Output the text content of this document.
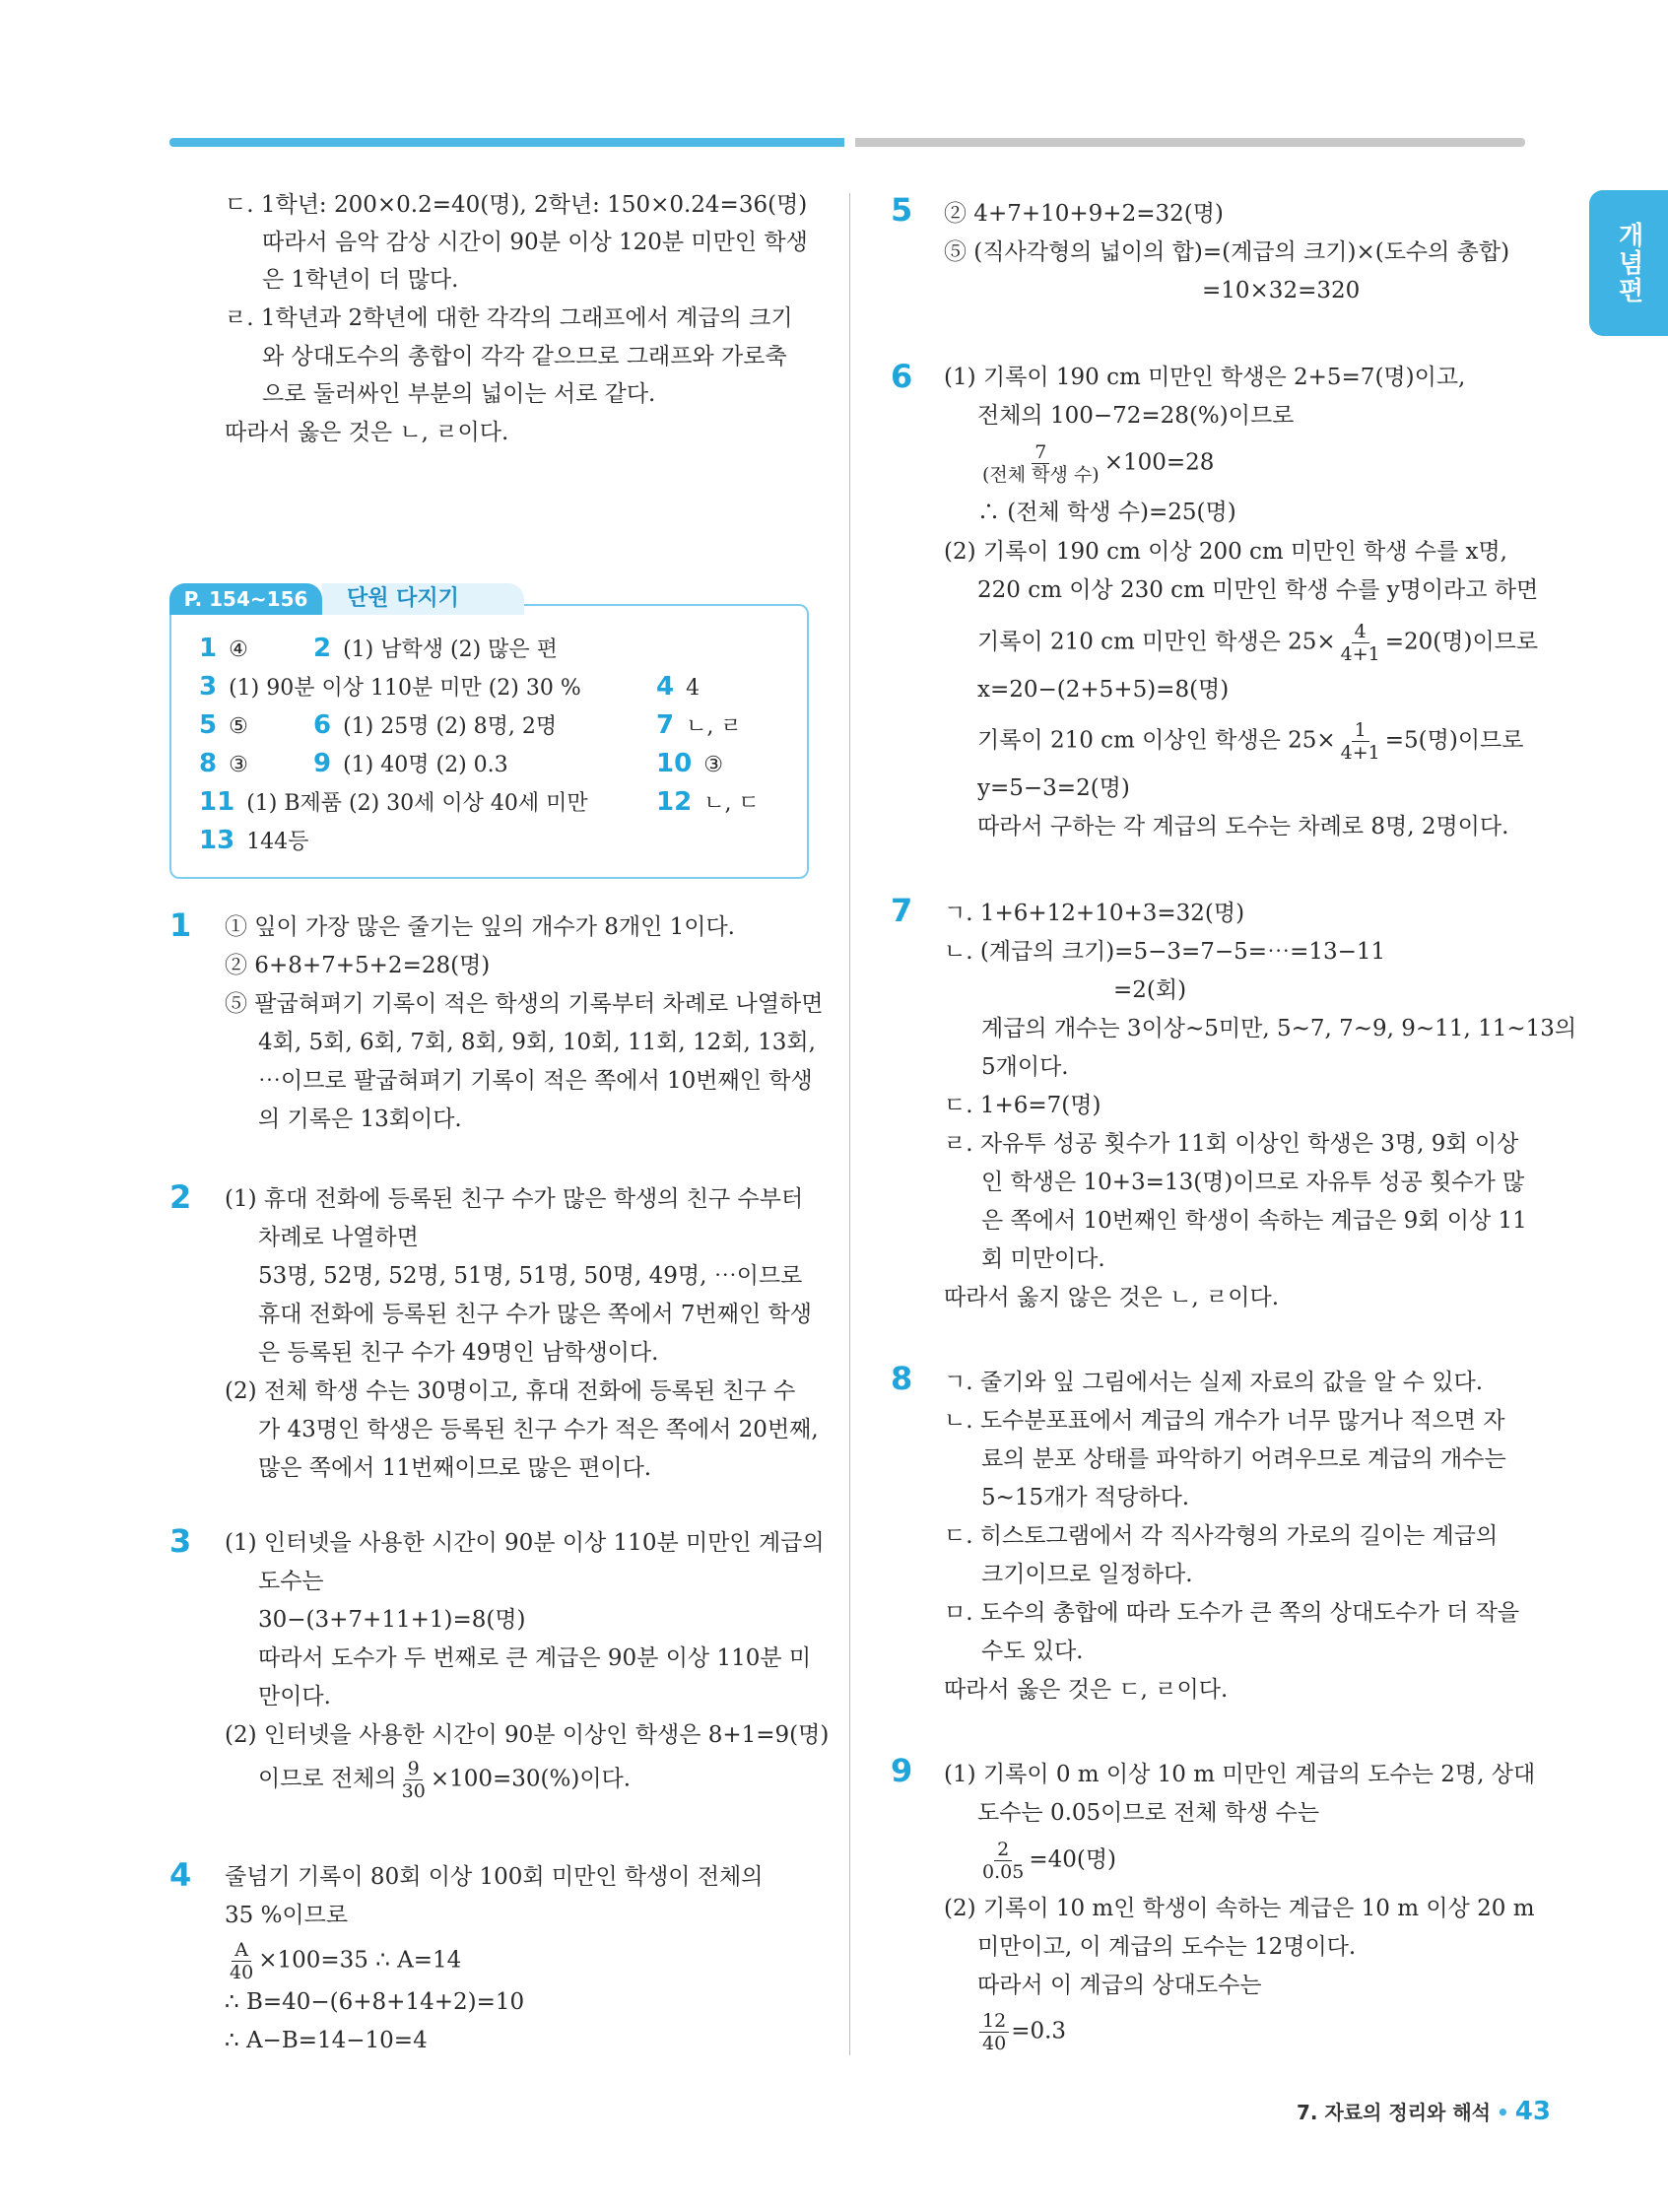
개념편
ㄷ. 1학년: 200×0.2=40(명), 2학년: 150×0.24=36(명)
따라서 음악 감상 시간이 90분 이상 120분 미만인 학생
은 1학년이 더 많다.
ㄹ. 1학년과 2학년에 대한 각각의 그래프에서 계급의 크기
와 상대도수의 총합이 각각 같으므로 그래프와 가로축
으로 둘러싸인 부분의 넓이는 서로 같다.
따라서 옳은 것은 ㄴ, ㄹ이다.
P. 154~156	단원 다지기
1 ④	2 (1) 남학생 (2) 많은 편
3 (1) 90분 이상 110분 미만 (2) 30 %	4 4
5 ⑤	6 (1) 25명 (2) 8명, 2명	7 ㄴ, ㄹ
8 ③	9 (1) 40명 (2) 0.3	10 ③
11 (1) B제품 (2) 30세 이상 40세 미만	12 ㄴ, ㄷ
13 144등
1 ① 잎이 가장 많은 줄기는 잎의 개수가 8개인 1이다.
② 6+8+7+5+2=28(명)
⑤ 팔굽혀펴기 기록이 적은 학생의 기록부터 차례로 나열하면
4회, 5회, 6회, 7회, 8회, 9회, 10회, 11회, 12회, 13회,
⋯이므로 팔굽혀펴기 기록이 적은 쪽에서 10번째인 학생
의 기록은 13회이다.
2 (1) 휴대 전화에 등록된 친구 수가 많은 학생의 친구 수부터
차례로 나열하면
53명, 52명, 52명, 51명, 51명, 50명, 49명, ⋯이므로
휴대 전화에 등록된 친구 수가 많은 쪽에서 7번째인 학생
은 등록된 친구 수가 49명인 남학생이다.
(2) 전체 학생 수는 30명이고, 휴대 전화에 등록된 친구 수
가 43명인 학생은 등록된 친구 수가 적은 쪽에서 20번째,
많은 쪽에서 11번째이므로 많은 편이다.
3 (1) 인터넷을 사용한 시간이 90분 이상 110분 미만인 계급의
도수는
30−(3+7+11+1)=8(명)
따라서 도수가 두 번째로 큰 계급은 90분 이상 110분 미
만이다.
(2) 인터넷을 사용한 시간이 90분 이상인 학생은 8+1=9(명)
이므로 전체의 $\frac{9}{30} \times 100=30(\%)$이다.
4 줄넘기 기록이 80회 이상 100회 미만인 학생이 전체의
35 %이므로
$\frac{A}{40} \times 100=35$ ∴ A=14
∴ B=40−(6+8+14+2)=10
∴ A−B=14−10=4
5 ② 4+7+10+9+2=32(명)
⑤ (직사각형의 넓이의 합)=(계급의 크기)×(도수의 총합)
=10×32=320
6 (1) 기록이 190 cm 미만인 학생은 2+5=7(명)이고,
전체의 100−72=28(%)이므로
$\frac{7}{\text{(전체 학생 수)}} \times 100=28$
∴ (전체 학생 수)=25(명)
(2) 기록이 190 cm 이상 200 cm 미만인 학생 수를 x명,
220 cm 이상 230 cm 미만인 학생 수를 y명이라고 하면
기록이 210 cm 미만인 학생은 $25\times \frac{4}{4+1} =20$(명)이므로
x=20−(2+5+5)=8(명)
기록이 210 cm 이상인 학생은 $25\times \frac{1}{4+1} =5$(명)이므로
y=5−3=2(명)
따라서 구하는 각 계급의 도수는 차례로 8명, 2명이다.
7 ㄱ. 1+6+12+10+3=32(명)
ㄴ. (계급의 크기)=5−3=7−5=⋯=13−11
=2(회)
계급의 개수는 3이상~5미만, 5~7, 7~9, 9~11, 11~13의
5개이다.
ㄷ. 1+6=7(명)
ㄹ. 자유투 성공 횟수가 11회 이상인 학생은 3명, 9회 이상
인 학생은 10+3=13(명)이므로 자유투 성공 횟수가 많
은 쪽에서 10번째인 학생이 속하는 계급은 9회 이상 11
회 미만이다.
따라서 옳지 않은 것은 ㄴ, ㄹ이다.
8 ㄱ. 줄기와 잎 그림에서는 실제 자료의 값을 알 수 있다.
ㄴ. 도수분포표에서 계급의 개수가 너무 많거나 적으면 자
료의 분포 상태를 파악하기 어려우므로 계급의 개수는
5~15개가 적당하다.
ㄷ. 히스토그램에서 각 직사각형의 가로의 길이는 계급의
크기이므로 일정하다.
ㅁ. 도수의 총합에 따라 도수가 큰 쪽의 상대도수가 더 작을
수도 있다.
따라서 옳은 것은 ㄷ, ㄹ이다.
9 (1) 기록이 0 m 이상 10 m 미만인 계급의 도수는 2명, 상대
도수는 0.05이므로 전체 학생 수는
$\frac{2}{0.05} =40$(명)
(2) 기록이 10 m인 학생이 속하는 계급은 10 m 이상 20 m
미만이고, 이 계급의 도수는 12명이다.
따라서 이 계급의 상대도수는
$\frac{12}{40} =0.3$
7. 자료의 정리와 해석 • 43
